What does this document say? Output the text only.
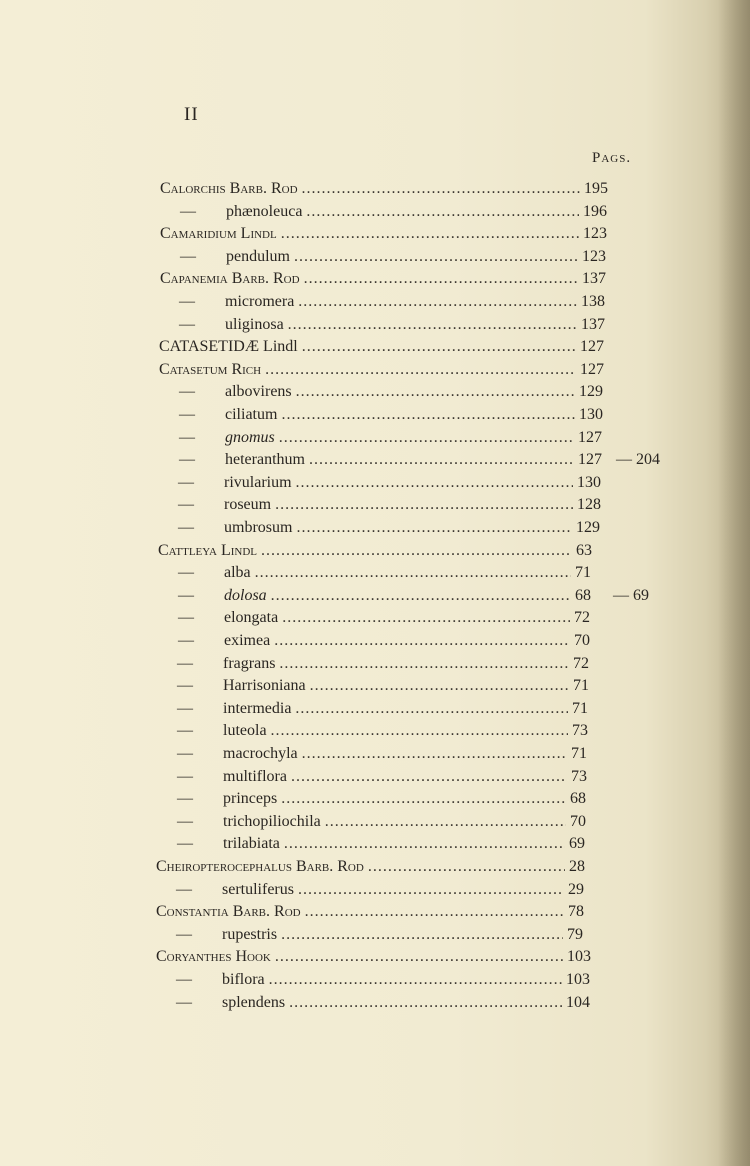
II
Pags.
Calorchis Barb. Rod . . .	195
—	phænoleuca . . .	196
Camaridium Lindl . . .	123
—	pendulum . . .	123
Capanemia Barb. Rod . . .	137
—	micromera . . .	138
—	uliginosa . . .	137
CATASETIDÆ Lindl . . .	127
Catasetum Rich . . .	127
—	albovirens . . .	129
—	ciliatum . . .	130
—	gnomus . . .	127
—	heteranthum . . .	127 — 204
—	rivularium . . .	130
—	roseum . . .	128
—	umbrosum . . .	129
Cattleya Lindl . . .	63
—	alba . . .	71
—	dolosa . . .	68	— 69
—	elongata . . .	72
—	eximea . . .	70
—	fragrans . . .	72
—	Harrisoniana . . .	71
—	intermedia . . .	71
—	luteola . . .	73
—	macrochyla . . .	71
—	multiflora . . .	73
—	princeps . . .	68
—	trichopiliochila . . .	70
—	trilabiata . . .	69
Cheiropterocephalus Barb. Rod . . .	28
—	sertuliferus . . .	29
Constantia Barb. Rod . . .	78
—	rupestris . . .	79
Coryanthes Hook . . .	103
—	biflora . . .	103
—	splendens . . .	104
